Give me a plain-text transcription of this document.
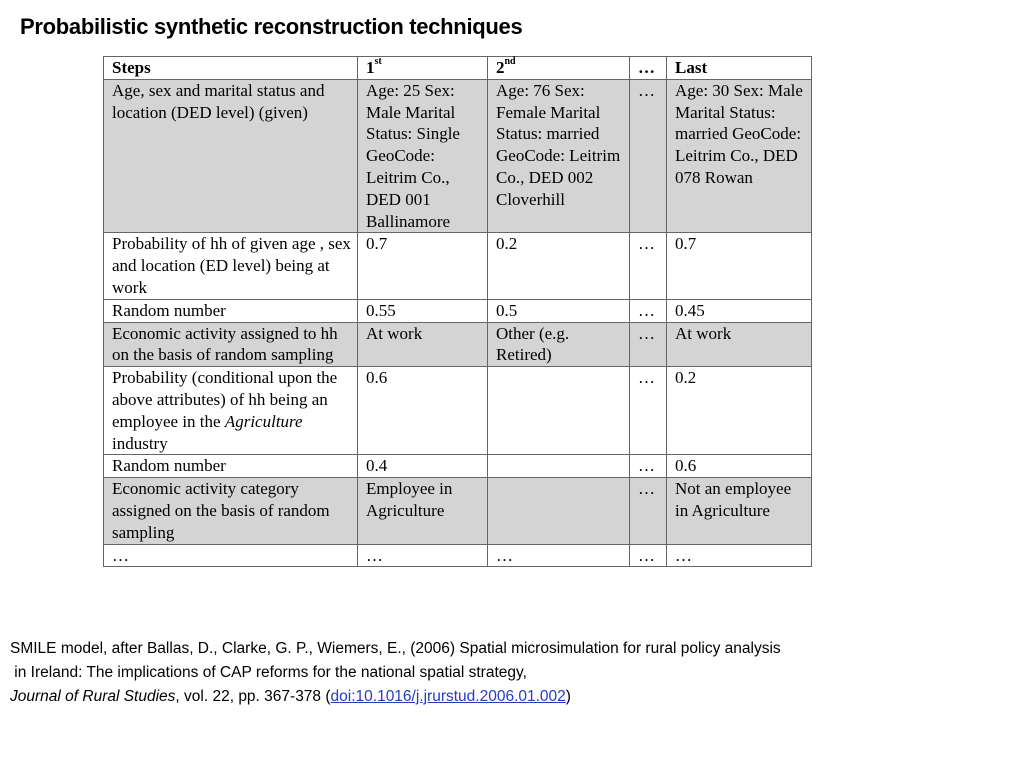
Probabilistic synthetic reconstruction techniques
Steps	1st	2nd	…	Last
Age, sex and marital status and location (DED level) (given)	Age: 25 Sex: Male Marital Status: Single GeoCode: Leitrim Co., DED 001 Ballinamore	Age: 76 Sex: Female Marital Status: married GeoCode: Leitrim Co., DED 002 Cloverhill	…	Age: 30 Sex: Male Marital Status: married GeoCode: Leitrim Co., DED 078 Rowan
Probability of hh of given age , sex and location (ED level) being at work	0.7	0.2	…	0.7
Random number	0.55	0.5	…	0.45
Economic activity assigned to hh on the basis of random sampling	At work	Other (e.g. Retired)	…	At work
Probability (conditional upon the above attributes) of hh being an employee in the Agriculture industry	0.6		…	0.2
Random number	0.4		…	0.6
Economic activity category assigned on the basis of random sampling	Employee in Agriculture		…	Not an employee in Agriculture
…	…	…	…	…
SMILE model, after Ballas, D., Clarke, G. P., Wiemers, E., (2006) Spatial microsimulation for rural policy analysis
in Ireland: The implications of CAP reforms for the national spatial strategy,
Journal of Rural Studies, vol. 22, pp. 367-378 (doi:10.1016/j.jrurstud.2006.01.002)
